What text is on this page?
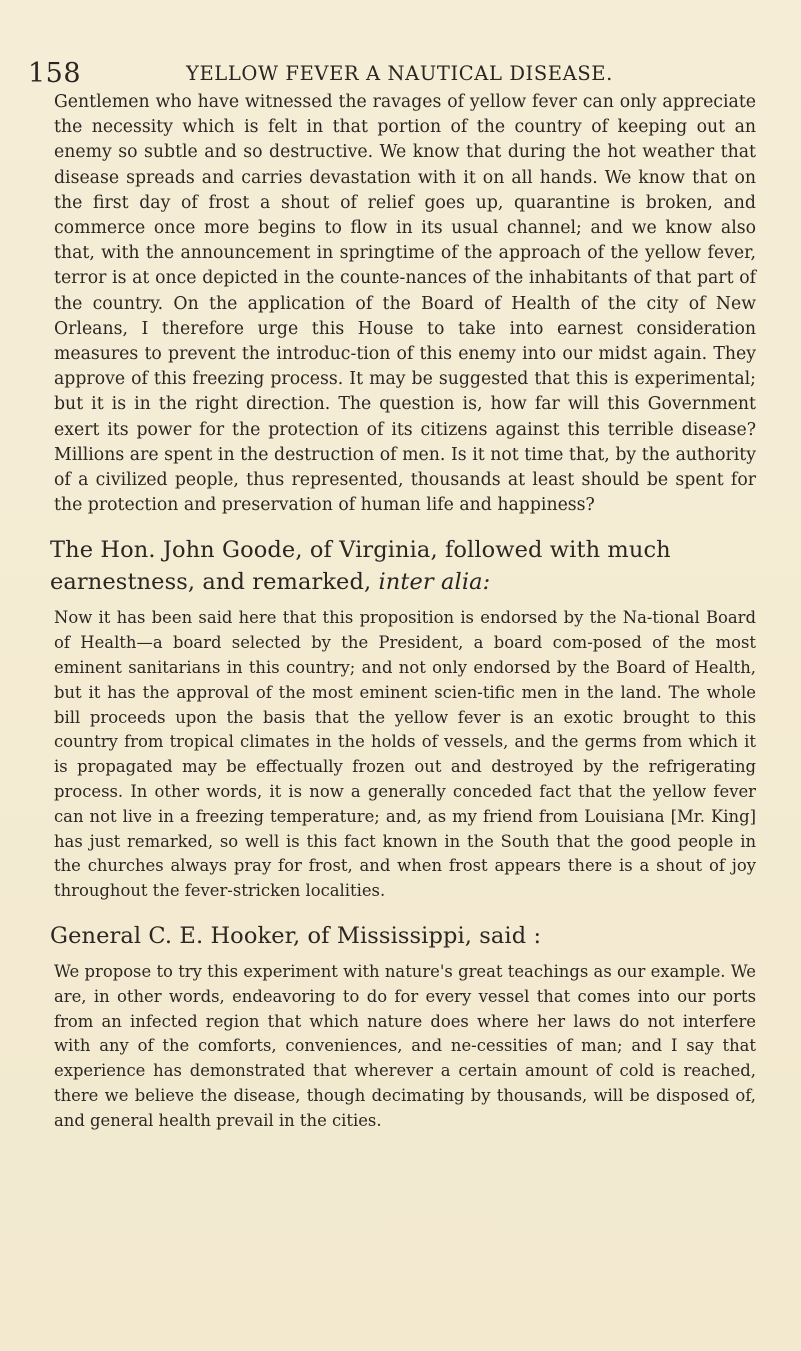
158	YELLOW FEVER A NAUTICAL DISEASE.

Gentlemen who have witnessed the ravages of yellow fever can only appreciate the necessity which is felt in that portion of the country of keeping out an enemy so subtle and so destructive. We know that during the hot weather that disease spreads and carries devastation with it on all hands. We know that on the first day of frost a shout of relief goes up, quarantine is broken, and commerce once more begins to flow in its usual channel; and we know also that, with the announcement in springtime of the approach of the yellow fever, terror is at once depicted in the counte-nances of the inhabitants of that part of the country. On the application of the Board of Health of the city of New Orleans, I therefore urge this House to take into earnest consideration measures to prevent the introduc-tion of this enemy into our midst again. They approve of this freezing process. It may be suggested that this is experimental; but it is in the right direction. The question is, how far will this Government exert its power for the protection of its citizens against this terrible disease? Millions are spent in the destruction of men. Is it not time that, by the authority of a civilized people, thus represented, thousands at least should be spent for the protection and preservation of human life and happiness?

The Hon. John Goode, of Virginia, followed with much earnestness, and remarked, inter alia:

Now it has been said here that this proposition is endorsed by the Na-tional Board of Health—a board selected by the President, a board com-posed of the most eminent sanitarians in this country; and not only endorsed by the Board of Health, but it has the approval of the most eminent scien-tific men in the land. The whole bill proceeds upon the basis that the yellow fever is an exotic brought to this country from tropical climates in the holds of vessels, and the germs from which it is propagated may be effectually frozen out and destroyed by the refrigerating process. In other words, it is now a generally conceded fact that the yellow fever can not live in a freezing temperature; and, as my friend from Louisiana [Mr. King] has just remarked, so well is this fact known in the South that the good people in the churches always pray for frost, and when frost appears there is a shout of joy throughout the fever-stricken localities.

General C. E. Hooker, of Mississippi, said :

We propose to try this experiment with nature's great teachings as our example. We are, in other words, endeavoring to do for every vessel that comes into our ports from an infected region that which nature does where her laws do not interfere with any of the comforts, conveniences, and ne-cessities of man; and I say that experience has demonstrated that wherever a certain amount of cold is reached, there we believe the disease, though decimating by thousands, will be disposed of, and general health prevail in the cities.
